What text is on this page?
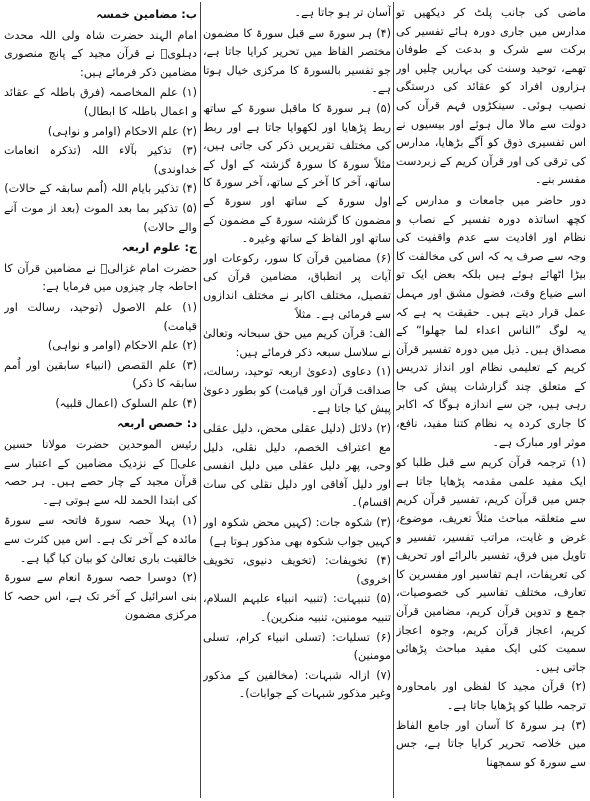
ماضی کی جانب پلٹ کر دیکھیں تو مدارس میں جاری دورہ ہائے تفسیر کی برکت سے شرک و بدعت کے طوفان تھمے، توحید وسنت کی بہاریں چلیں اور ہزاروں افراد کو عقائد کی درستگی نصیب ہوئی۔ سینکڑوں فہم قرآن کی دولت سے مالا مال ہوئے اور بیسیوں نے اس تفسیری ذوق کو آگے بڑھایا، مدارس کی ترقی کی اور قرآن کریم کے زبردست مفسر بنے۔

دور حاضر میں جامعات و مدارس کے کچھ اساتذہ دورہ تفسیر کے نصاب و نظام اور افادیت سے عدم واقفیت کی وجہ سے صرف یہ کہ اس کی مخالفت کا بیڑا اٹھائے ہوئے ہیں بلکہ بعض ایک تو اسے ضیاع وقت، فضول مشق اور مہمل عمل قرار دیتے ہیں۔ حقیقت یہ ہے کہ یہ لوگ ”الناس اعداء لما جھلوا“ کے مصداق ہیں۔ ذیل میں دورہ تفسیر قرآن کریم کے تعلیمی نظام اور انداز تدریس کے متعلق چند گزارشات پیش کی جا رہی ہیں، جن سے اندازہ ہوگا کہ اکابر کا جاری کردہ یہ نظام کتنا مفید، نافع، موثر اور مبارک ہے۔

(۱) ترجمہ قرآن کریم سے قبل طلبا کو ایک مفید علمی مقدمہ پڑھایا جاتا ہے جس میں قرآن کریم، تفسیر قرآن کریم سے متعلقہ مباحث مثلاً تعریف، موضوع، غرض و غایت، مراتب تفسیر، تفسیر و تاویل میں فرق، تفسیر بالرائے اور تحریف کی تعریفات، اہم تفاسیر اور مفسرین کا تعارف، مختلف تفاسیر کی خصوصیات، جمع و تدوین قرآن کریم، مضامین قرآن کریم، اعجاز قرآن کریم، وجوہ اعجاز سمیت کئی ایک مفید مباحث پڑھائی جاتی ہیں۔

(۲) قرآن مجید کا لفظی اور بامحاورہ ترجمہ طلبا کو پڑھایا جاتا ہے۔

(۳) ہر سورۃ کا آسان اور جامع الفاظ میں خلاصہ تحریر کرایا جاتا ہے، جس سے سورۃ کو سمجھنا

آسان تر ہو جاتا ہے۔

(۴) ہر سورۃ سے قبل سورۃ کا مضمون مختصر الفاظ میں تحریر کرایا جاتا ہے، جو تفسیر بالسورۃ کا مرکزی خیال ہوتا ہے۔

(۵) ہر سورۃ کا ماقبل سورۃ کے ساتھ ربط پڑھایا اور لکھوایا جاتا ہے اور ربط کی مختلف تقریریں ذکر کی جاتی ہیں، مثلاً سورۃ کا سورۃ گزشتہ کے اول کے ساتھ، آخر کا آخر کے ساتھ، آخر سورۃ کا اول سورۃ کے ساتھ اور سورۃ کے مضمون کا گزشتہ سورۃ کے مضمون کے ساتھ اور الفاظ کے ساتھ وغیرہ۔

(۶) مضامین قرآن کا سور، رکوعات اور آیات پر انطباق، مضامین قرآن کی تفصیل، مختلف اکابر نے مختلف اندازوں سے فرمائی ہے۔ مثلاً

الف: قرآن کریم میں حق سبحانہ وتعالیٰ نے سلاسل سبعہ ذکر فرمائے ہیں:

(۱) دعاوی (دعویٰ اربعہ توحید، رسالت، صداقت قرآن اور قیامت) کو بطور دعویٰ پیش کیا جاتا ہے۔

(۲) دلائل (دلیل عقلی محض، دلیل عقلی مع اعتراف الخصم، دلیل نقلی، دلیل وحی، پھر دلیل عقلی میں دلیل انفسی اور دلیل آفاقی اور دلیل نقلی کی سات اقسام)۔

(۳) شکوہ جات: (کہیں محض شکوہ اور کہیں جواب شکوہ بھی مذکور ہوتا ہے)

(۴) تخویفات: (تخویف دنیوی، تخویف اخروی)

(۵) تنبیہات: (تنبیہ انبیاء علیہم السلام، تنبیہ مومنین، تنبیہ منکرین)۔

(۶) تسلیات: (تسلی انبیاء کرام، تسلی مومنین)

(۷) ازالہ شبہات: (مخالفین کے مذکور وغیر مذکور شبہات کے جوابات)۔

ب: مضامین خمسہ

امام الہند حضرت شاہ ولی اللہ محدث دہلویؒ نے قرآن مجید کے پانچ منصوری مضامین ذکر فرمائے ہیں:

(۱) علم المخاصمہ (فرق باطلہ کے عقائد و اعمال باطلہ کا ابطال)

(۲) علم الاحکام (اوامر و نواہی)

(۳) تذکیر بآلاء اللہ (تذکرہ انعامات خداوندی)

(۴) تذکیر بایام اللہ (اُمم سابقہ کے حالات)

(۵) تذکیر بما بعد الموت (بعد از موت آنے والے حالات)

ج: علوم اربعہ

حضرت امام غزالیؒ نے مضامین قرآن کا احاطہ چار چیزوں میں فرمایا ہے:

(۱) علم الاصول (توحید، رسالت اور قیامت)

(۲) علم الاحکام (اوامر و نواہی)

(۳) علم القصص (انبیاء سابقین اور اُمم سابقہ کا ذکر)

(۴) علم السلوک (اعمال قلبیہ)

د: حصص اربعہ

رئیس الموحدین حضرت مولانا حسین علیؒ کے نزدیک مضامین کے اعتبار سے قرآن مجید کے چار حصے ہیں۔ ہر حصہ کی ابتدا الحمد للہ سے ہوتی ہے۔

(۱) پہلا حصہ سورۃ فاتحہ سے سورۃ مائدہ کے آخر تک ہے۔ اس میں کثرت سے خالقیت باری تعالیٰ کو بیان کیا گیا ہے۔

(۲) دوسرا حصہ سورۃ انعام سے سورۃ بنی اسرائیل کے آخر تک ہے، اس حصہ کا مرکزی مضمون
